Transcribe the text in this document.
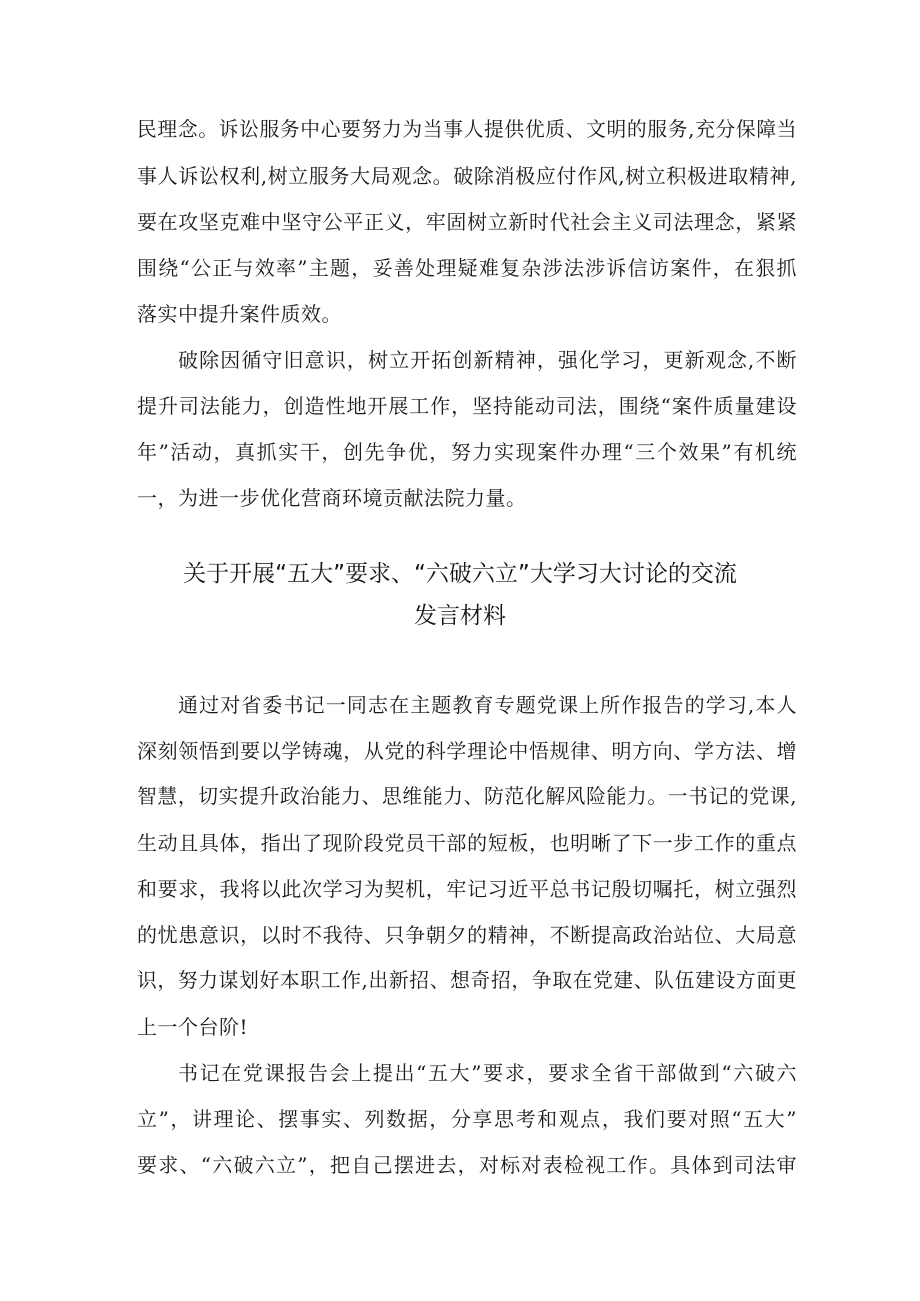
民理念。诉讼服务中心要努力为当事人提供优质、文明的服务,充分保障当
事人诉讼权利,树立服务大局观念。破除消极应付作风,树立积极进取精神,
要在攻坚克难中坚守公平正义，牢固树立新时代社会主义司法理念，紧紧
围绕“公正与效率”主题，妥善处理疑难复杂涉法涉诉信访案件，在狠抓
落实中提升案件质效。
破除因循守旧意识，树立开拓创新精神，强化学习，更新观念,不断
提升司法能力，创造性地开展工作，坚持能动司法，围绕“案件质量建设
年”活动，真抓实干，创先争优，努力实现案件办理“三个效果”有机统
一，为进一步优化营商环境贡献法院力量。
关于开展“五大”要求、“六破六立”大学习大讨论的交流
发言材料
通过对省委书记一同志在主题教育专题党课上所作报告的学习,本人
深刻领悟到要以学铸魂，从党的科学理论中悟规律、明方向、学方法、增
智慧，切实提升政治能力、思维能力、防范化解风险能力。一书记的党课,
生动且具体，指出了现阶段党员干部的短板，也明晰了下一步工作的重点
和要求，我将以此次学习为契机，牢记习近平总书记殷切嘱托，树立强烈
的忧患意识，以时不我待、只争朝夕的精神，不断提高政治站位、大局意
识，努力谋划好本职工作,出新招、想奇招，争取在党建、队伍建设方面更
上一个台阶!
书记在党课报告会上提出“五大”要求，要求全省干部做到“六破六
立”，讲理论、摆事实、列数据，分享思考和观点，我们要对照“五大”
要求、“六破六立”，把自己摆进去，对标对表检视工作。具体到司法审
